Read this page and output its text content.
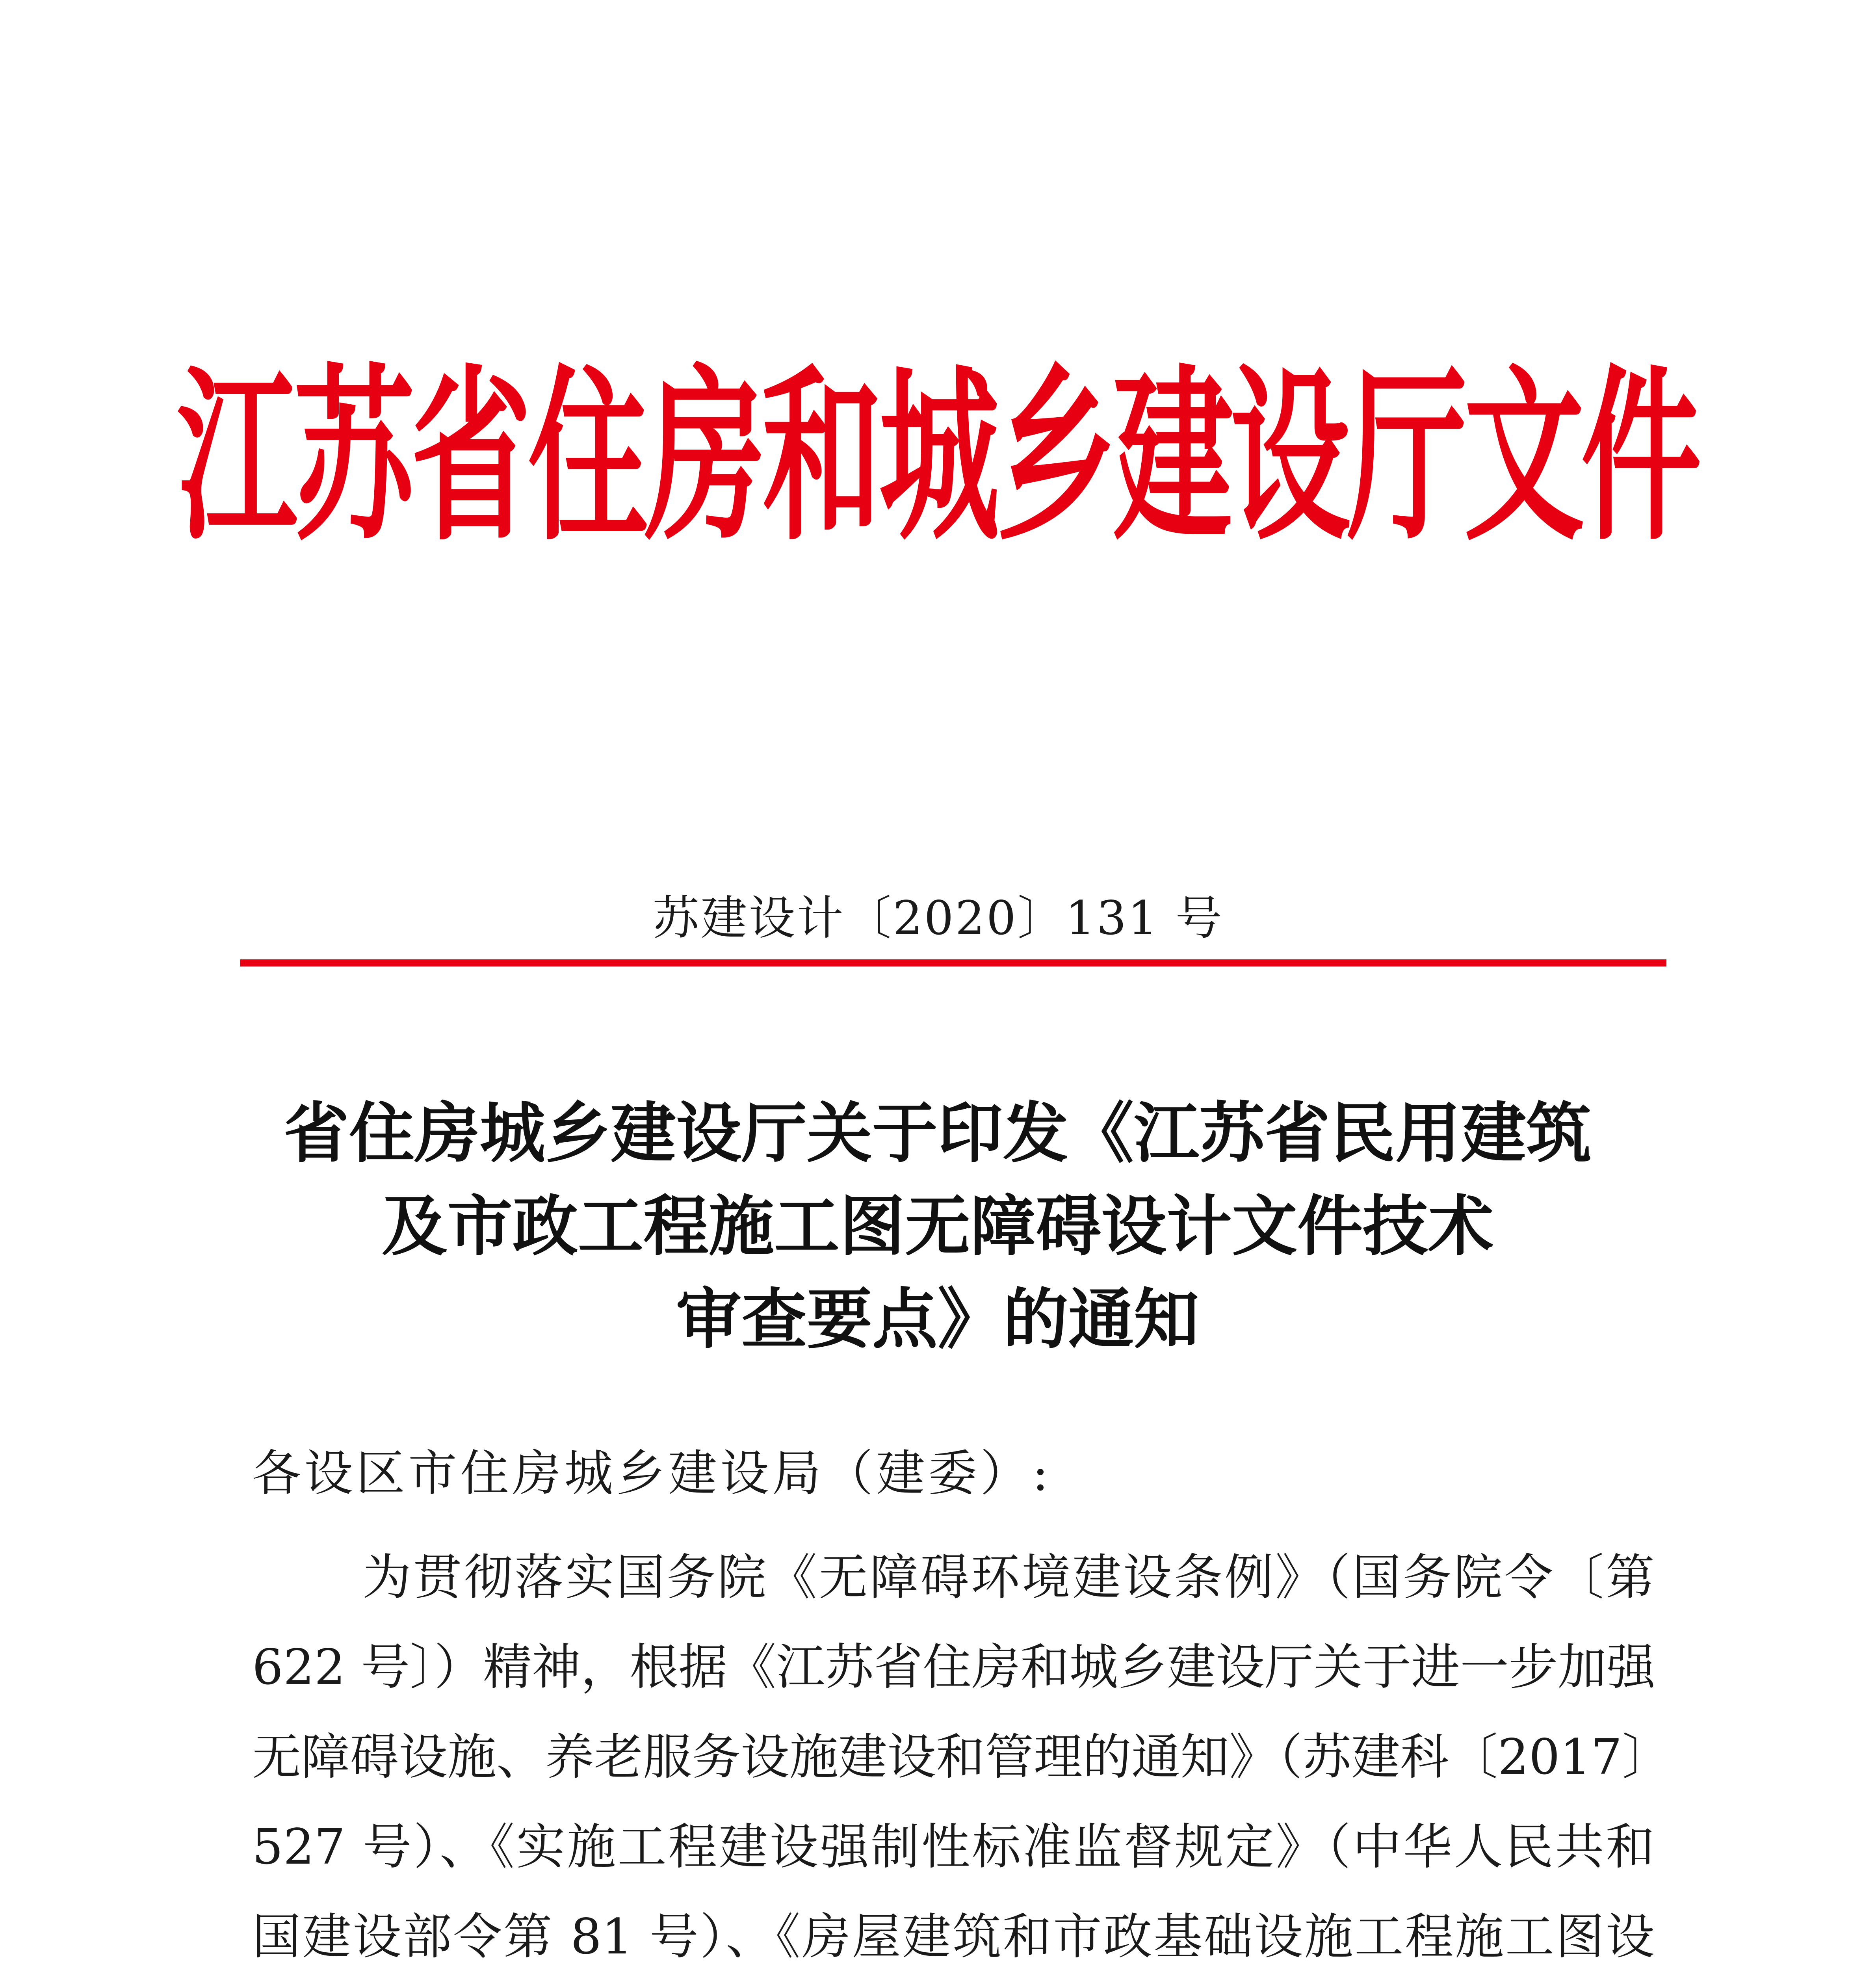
江苏省住房和城乡建设厅文件
苏建设计〔2020〕131 号
省住房城乡建设厅关于印发《江苏省民用建筑
及市政工程施工图无障碍设计文件技术
审查要点》的通知
各设区市住房城乡建设局（建委）:
为贯彻落实国务院《无障碍环境建设条例》（国务院令〔第
622 号〕）精神，根据《江苏省住房和城乡建设厅关于进一步加强
无障碍设施、养老服务设施建设和管理的通知》（苏建科〔2017〕
527 号）、《实施工程建设强制性标准监督规定》（中华人民共和
国建设部令第 81 号）、《房屋建筑和市政基础设施工程施工图设
